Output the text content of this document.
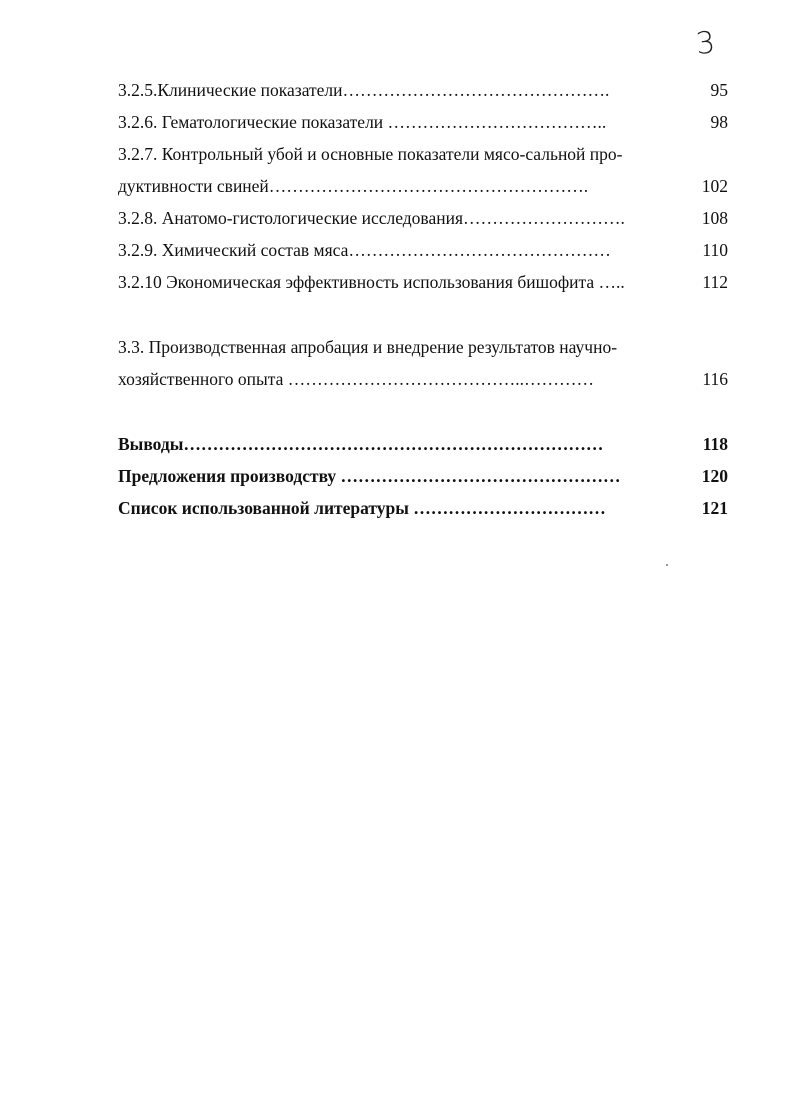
3
3.2.5.Клинические показатели……………………………………….	95
3.2.6. Гематологические показатели ………………………………..	98
3.2.7. Контрольный убой и основные показатели мясо-сальной про-
дуктивности свиней……………………………………………….	102
3.2.8. Анатомо-гистологические исследования……………………….	108
3.2.9. Химический состав мяса………………………………………	110
3.2.10 Экономическая эффективность использования бишофита …..	112
3.3. Производственная апробация и внедрение результатов научно-
хозяйственного опыта …………………………………..…………	116
Выводы………………………………………………………………	118
Предложения производству …………………………………………	120
Список использованной литературы ……………………………	121
